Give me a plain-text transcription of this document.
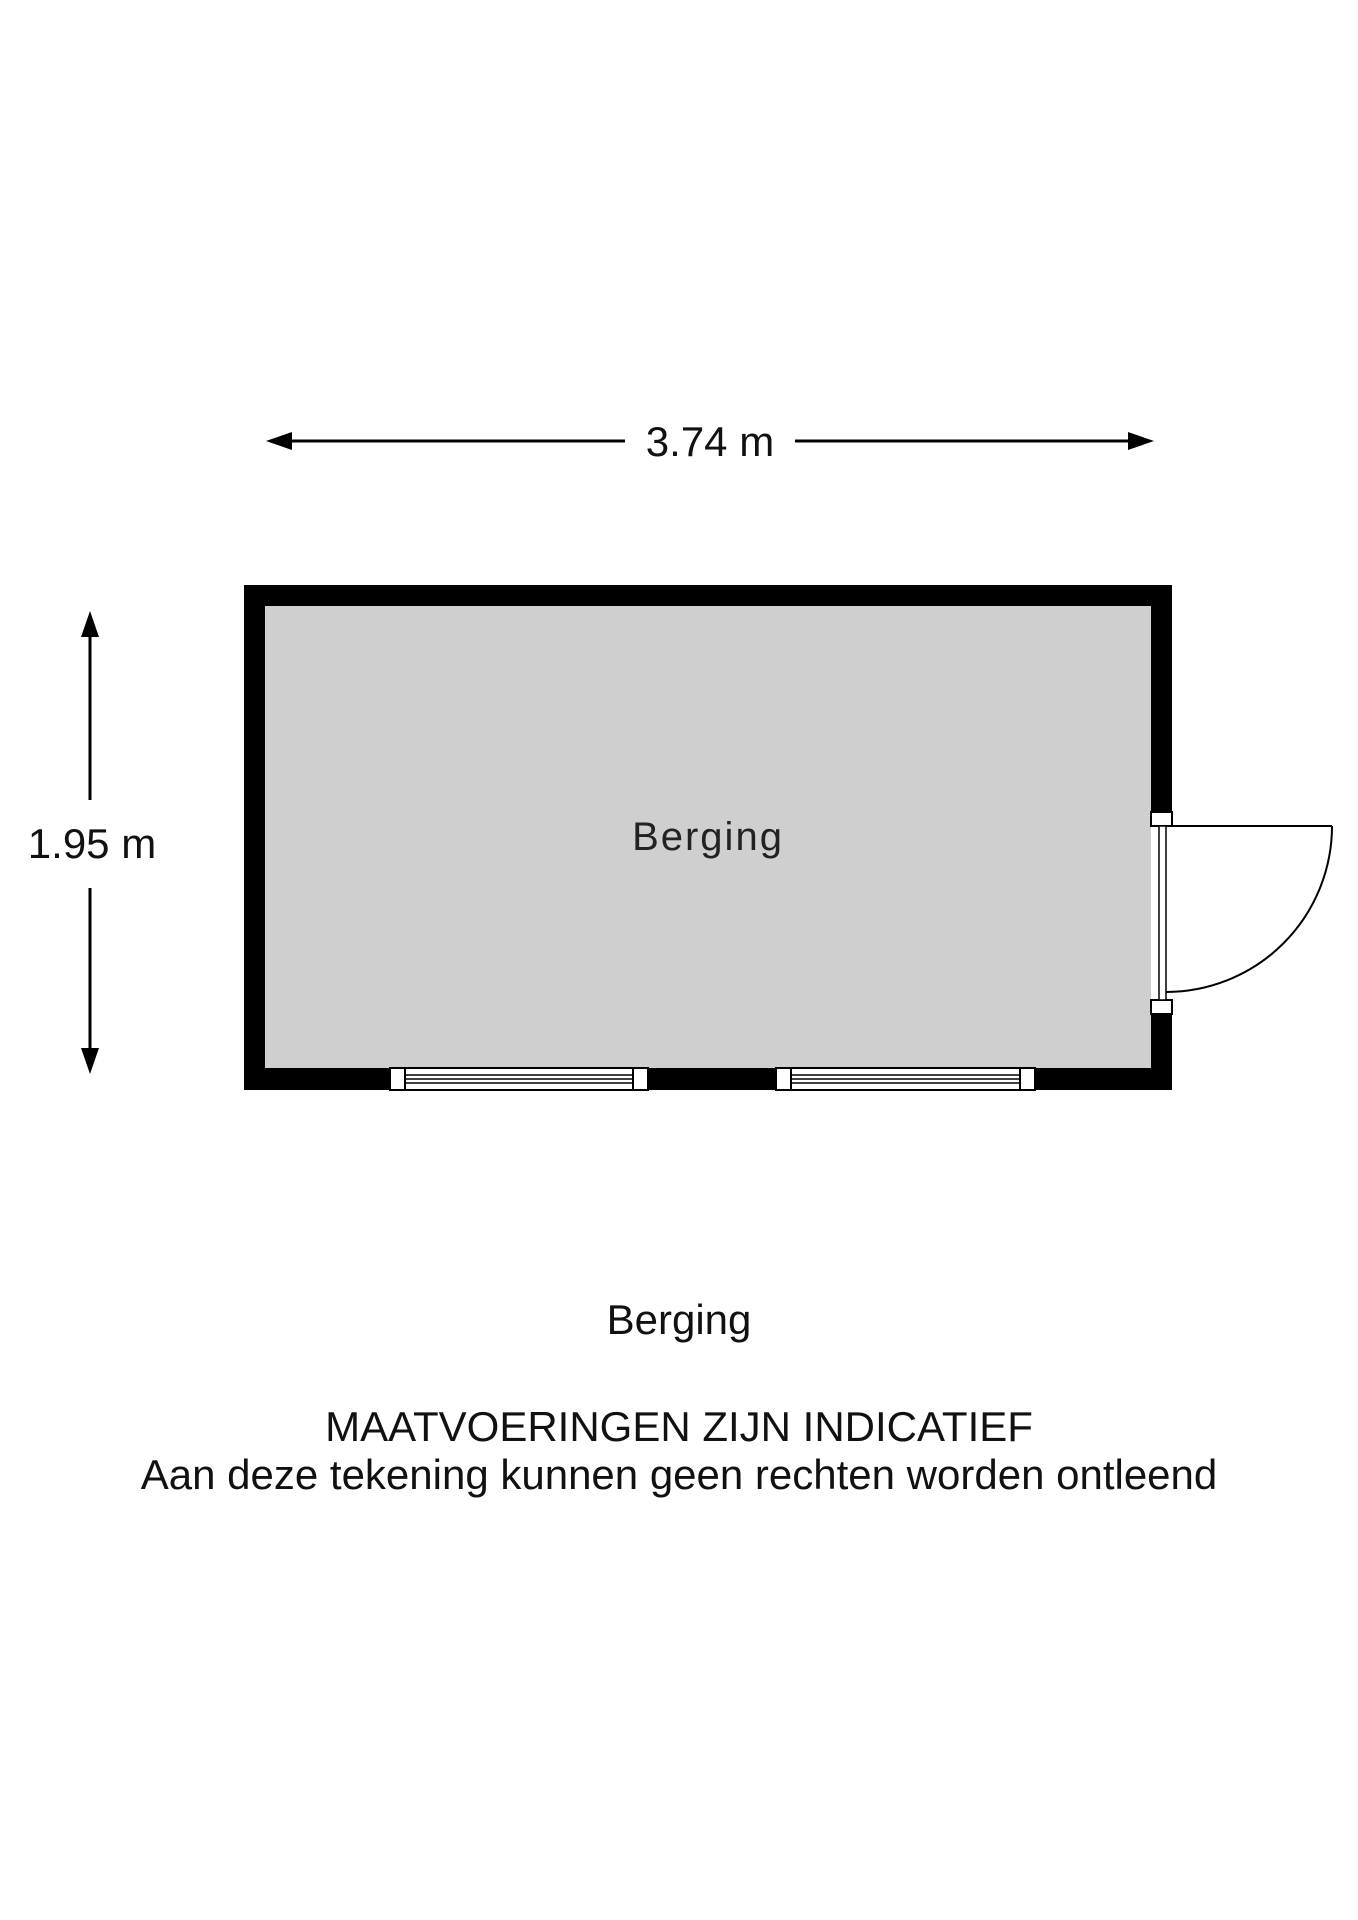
3.74 m
1.95 m	Berging
Berging
MAATVOERINGEN ZIJN INDICATIEF
Aan deze tekening kunnen geen rechten worden ontleend
